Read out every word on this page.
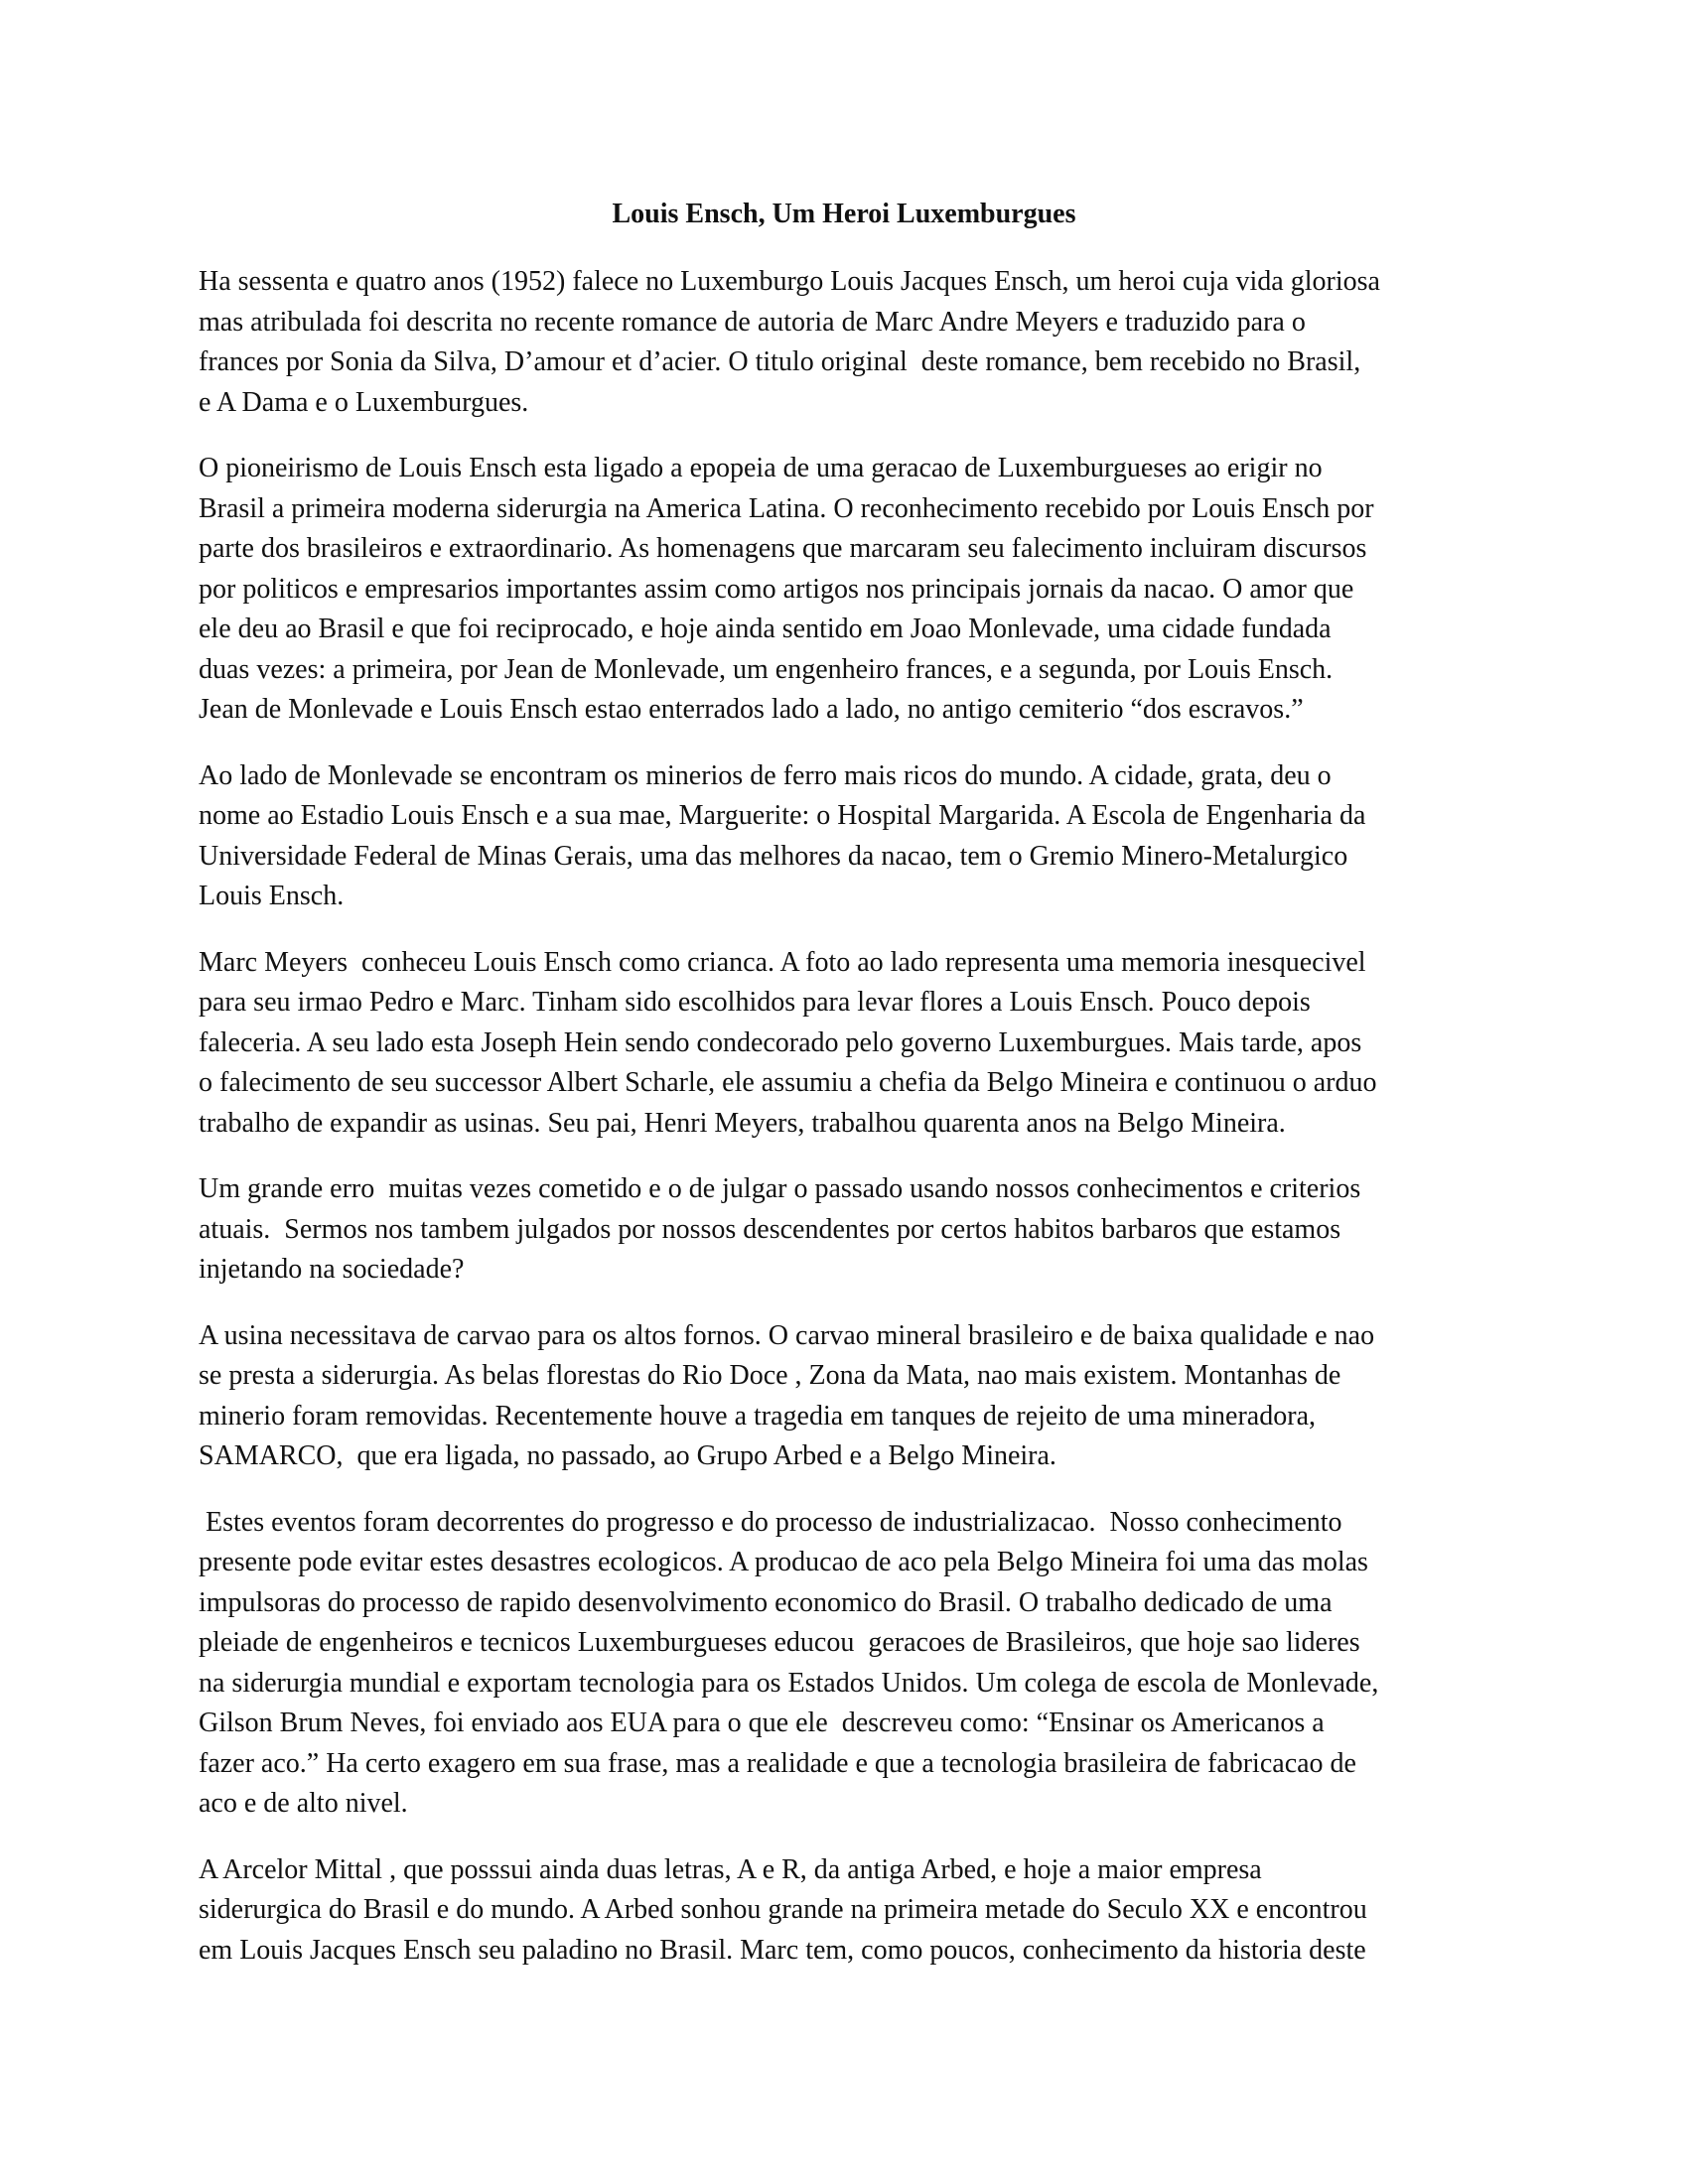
Louis Ensch, Um Heroi Luxemburgues
Ha sessenta e quatro anos (1952) falece no Luxemburgo Louis Jacques Ensch, um heroi cuja vida gloriosa
mas atribulada foi descrita no recente romance de autoria de Marc Andre Meyers e traduzido para o
frances por Sonia da Silva, D’amour et d’acier. O titulo original  deste romance, bem recebido no Brasil,
e A Dama e o Luxemburgues.
O pioneirismo de Louis Ensch esta ligado a epopeia de uma geracao de Luxemburgueses ao erigir no
Brasil a primeira moderna siderurgia na America Latina. O reconhecimento recebido por Louis Ensch por
parte dos brasileiros e extraordinario. As homenagens que marcaram seu falecimento incluiram discursos
por politicos e empresarios importantes assim como artigos nos principais jornais da nacao. O amor que
ele deu ao Brasil e que foi reciprocado, e hoje ainda sentido em Joao Monlevade, uma cidade fundada
duas vezes: a primeira, por Jean de Monlevade, um engenheiro frances, e a segunda, por Louis Ensch.
Jean de Monlevade e Louis Ensch estao enterrados lado a lado, no antigo cemiterio “dos escravos.”
Ao lado de Monlevade se encontram os minerios de ferro mais ricos do mundo. A cidade, grata, deu o
nome ao Estadio Louis Ensch e a sua mae, Marguerite: o Hospital Margarida. A Escola de Engenharia da
Universidade Federal de Minas Gerais, uma das melhores da nacao, tem o Gremio Minero-Metalurgico
Louis Ensch.
Marc Meyers  conheceu Louis Ensch como crianca. A foto ao lado representa uma memoria inesquecivel
para seu irmao Pedro e Marc. Tinham sido escolhidos para levar flores a Louis Ensch. Pouco depois
faleceria. A seu lado esta Joseph Hein sendo condecorado pelo governo Luxemburgues. Mais tarde, apos
o falecimento de seu successor Albert Scharle, ele assumiu a chefia da Belgo Mineira e continuou o arduo
trabalho de expandir as usinas. Seu pai, Henri Meyers, trabalhou quarenta anos na Belgo Mineira.
Um grande erro  muitas vezes cometido e o de julgar o passado usando nossos conhecimentos e criterios
atuais.  Sermos nos tambem julgados por nossos descendentes por certos habitos barbaros que estamos
injetando na sociedade?
A usina necessitava de carvao para os altos fornos. O carvao mineral brasileiro e de baixa qualidade e nao
se presta a siderurgia. As belas florestas do Rio Doce , Zona da Mata, nao mais existem. Montanhas de
minerio foram removidas. Recentemente houve a tragedia em tanques de rejeito de uma mineradora,
SAMARCO,  que era ligada, no passado, ao Grupo Arbed e a Belgo Mineira.
Estes eventos foram decorrentes do progresso e do processo de industrializacao.  Nosso conhecimento
presente pode evitar estes desastres ecologicos. A producao de aco pela Belgo Mineira foi uma das molas
impulsoras do processo de rapido desenvolvimento economico do Brasil. O trabalho dedicado de uma
pleiade de engenheiros e tecnicos Luxemburgueses educou  geracoes de Brasileiros, que hoje sao lideres
na siderurgia mundial e exportam tecnologia para os Estados Unidos. Um colega de escola de Monlevade,
Gilson Brum Neves, foi enviado aos EUA para o que ele  descreveu como: “Ensinar os Americanos a
fazer aco.” Ha certo exagero em sua frase, mas a realidade e que a tecnologia brasileira de fabricacao de
aco e de alto nivel.
A Arcelor Mittal , que posssui ainda duas letras, A e R, da antiga Arbed, e hoje a maior empresa
siderurgica do Brasil e do mundo. A Arbed sonhou grande na primeira metade do Seculo XX e encontrou
em Louis Jacques Ensch seu paladino no Brasil. Marc tem, como poucos, conhecimento da historia deste
